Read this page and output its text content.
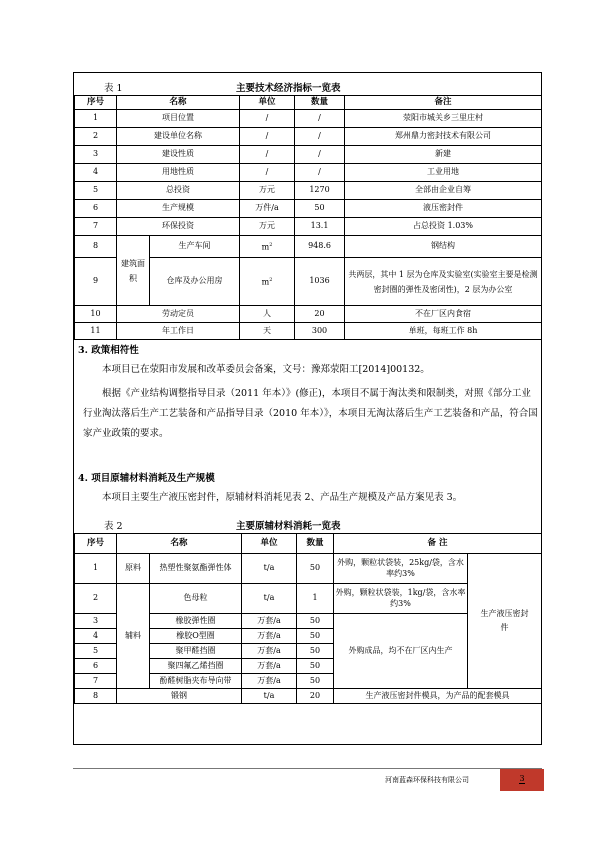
表 1	主要技术经济指标一览表
序号	名称		单位	数量	备注
1	项目位置		/	/	荥阳市城关乡三里庄村
2	建设单位名称		/	/	郑州鼎力密封技术有限公司
3	建设性质		/	/	新建
4	用地性质		/	/	工业用地
5	总投资		万元	1270	全部由企业自筹
6	生产规模		万件/a	50	液压密封件
7	环保投资		万元	13.1	占总投资 1.03%
8	建筑面积	生产车间	$m^2$	948.6	钢结构
9		仓库及办公用房	$m^2$	1036	共两层，其中 1 层为仓库及实验室(实验室主要是检测密封圈的弹性及密闭性)，2 层为办公室
10	劳动定员		人	20	不在厂区内食宿
11	年工作日		天	300	单班，每班工作 8h
3. 政策相符性
本项目已在荥阳市发展和改革委员会备案，文号：豫郑荥阳工[2014]00132。
根据《产业结构调整指导目录（2011 年本）》(修正)，本项目不属于淘汰类和限制类，对照《部分工业行业淘汰落后生产工艺装备和产品指导目录（2010 年本）》，本项目无淘汰落后生产工艺装备和产品，符合国家产业政策的要求。
4. 项目原辅材料消耗及生产规模
本项目主要生产液压密封件，原辅材料消耗见表 2、产品生产规模及产品方案见表 3。
表 2	主要原辅材料消耗一览表
序号	名称		单位	数量	备 注	
1	原料	热塑性聚氨酯弹性体	t/a	50	外购，颗粒状袋装，25kg/袋，含水率约3%	生产液压密封件
2	辅料	色母粒	t/a	1	外购，颗粒状袋装，1kg/袋，含水率约3%	
3		橡胶弹性圈	万套/a	50	外购成品，均不在厂区内生产	
4		橡胶O型圈	万套/a	50		
5		聚甲醛挡圈	万套/a	50		
6		聚四氟乙烯挡圈	万套/a	50		
7		酚醛树脂夹布导向带	万套/a	50		
8	锻钢		t/a	20	生产液压密封件模具，为产品的配套模具	
河南蓝森环保科技有限公司	3
